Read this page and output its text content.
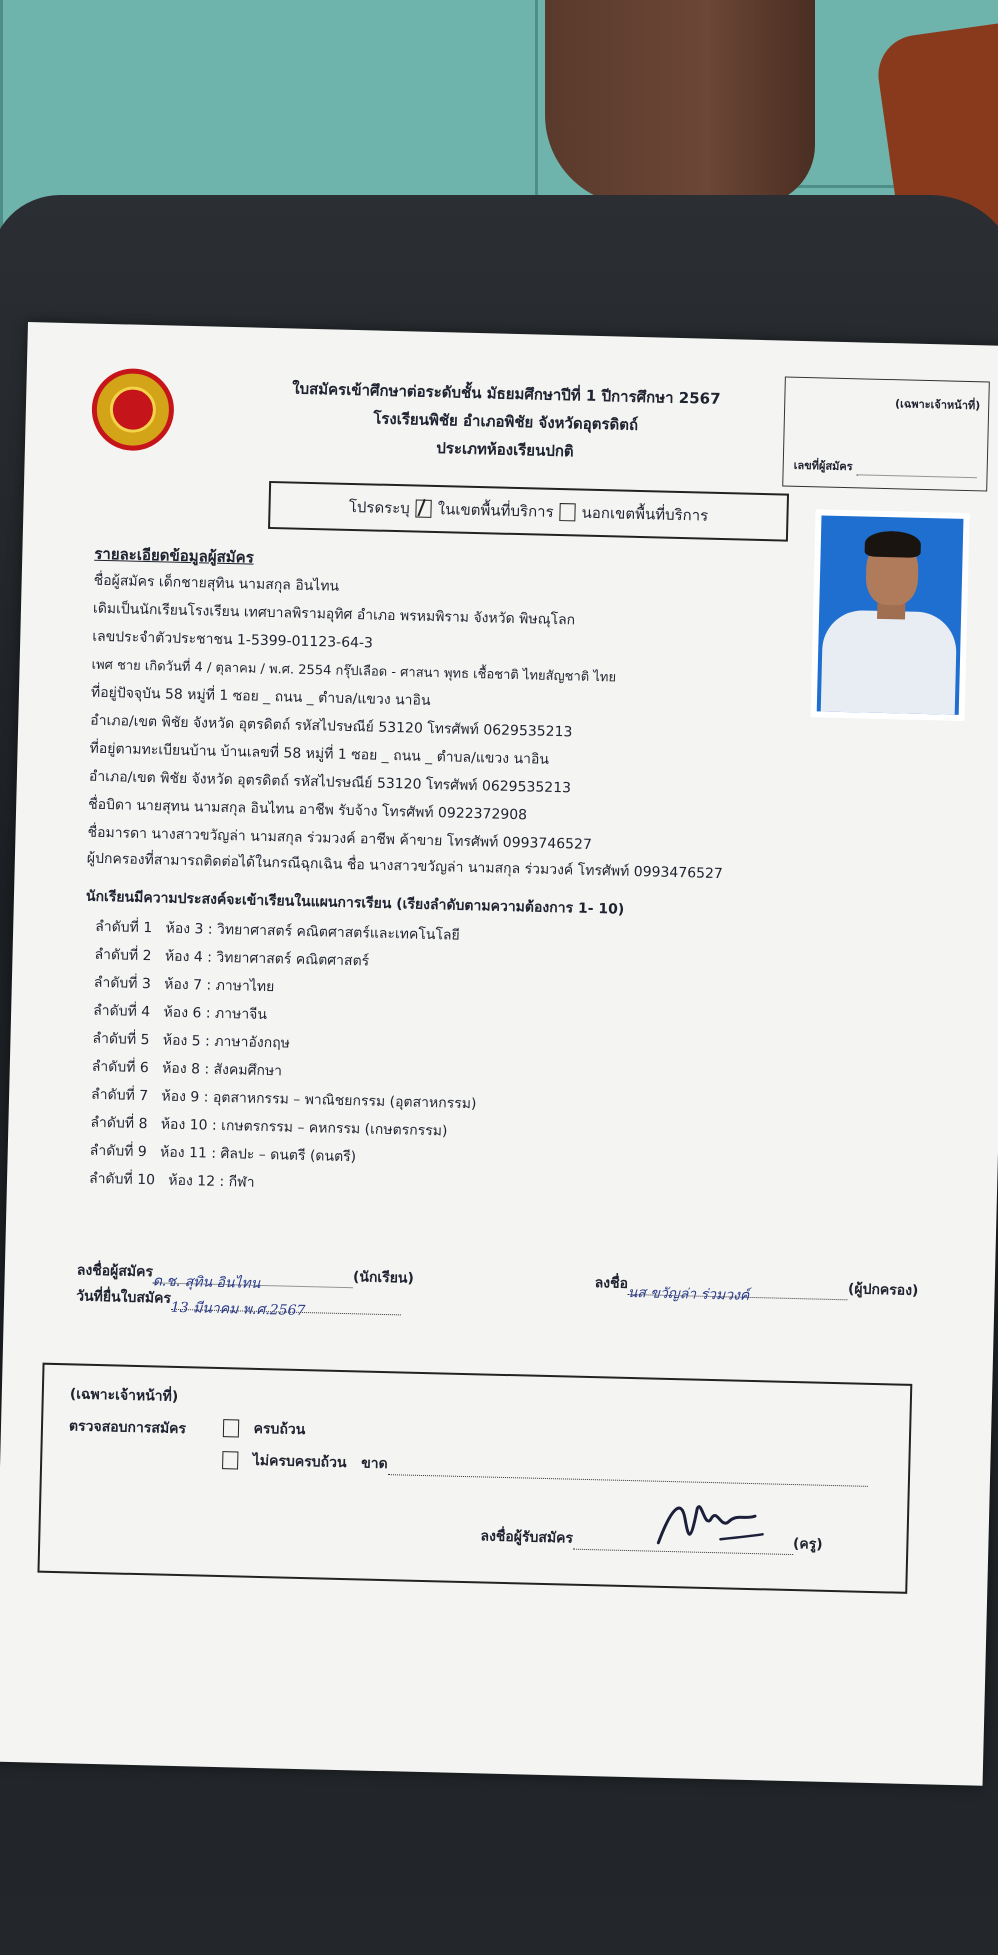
ใบสมัครเข้าศึกษาต่อระดับชั้น มัธยมศึกษาปีที่ 1 ปีการศึกษา 2567
โรงเรียนพิชัย อำเภอพิชัย จังหวัดอุตรดิตถ์
ประเภทห้องเรียนปกติ
(เฉพาะเจ้าหน้าที่)
เลขที่ผู้สมัคร
โปรดระบุ ในเขตพื้นที่บริการ นอกเขตพื้นที่บริการ
รายละเอียดข้อมูลผู้สมัคร
ชื่อผู้สมัคร เด็กชายสุทิน นามสกุล อินไทน
เดิมเป็นนักเรียนโรงเรียน เทศบาลพิรามอุทิศ อำเภอ พรหมพิราม จังหวัด พิษณุโลก
เลขประจำตัวประชาชน 1-5399-01123-64-3
เพศ ชาย เกิดวันที่ 4 / ตุลาคม / พ.ศ. 2554 กรุ๊ปเลือด - ศาสนา พุทธ เชื้อชาติ ไทยสัญชาติ ไทย
ที่อยู่ปัจจุบัน 58 หมู่ที่ 1 ซอย _ ถนน _ ตำบล/แขวง นาอิน
อำเภอ/เขต พิชัย จังหวัด อุตรดิตถ์ รหัสไปรษณีย์ 53120 โทรศัพท์ 0629535213
ที่อยู่ตามทะเบียนบ้าน บ้านเลขที่ 58 หมู่ที่ 1 ซอย _ ถนน _ ตำบล/แขวง นาอิน
อำเภอ/เขต พิชัย จังหวัด อุตรดิตถ์ รหัสไปรษณีย์ 53120 โทรศัพท์ 0629535213
ชื่อบิดา นายสุทน นามสกุล อินไทน อาชีพ รับจ้าง โทรศัพท์ 0922372908
ชื่อมารดา นางสาวขวัญล่า นามสกุล ร่วมวงค์ อาชีพ ค้าขาย โทรศัพท์ 0993746527
ผู้ปกครองที่สามารถติดต่อได้ในกรณีฉุกเฉิน ชื่อ นางสาวขวัญล่า นามสกุล ร่วมวงค์ โทรศัพท์ 0993476527
นักเรียนมีความประสงค์จะเข้าเรียนในแผนการเรียน (เรียงลำดับตามความต้องการ 1- 10)
ลำดับที่ 1 ห้อง 3 : วิทยาศาสตร์ คณิตศาสตร์และเทคโนโลยี
ลำดับที่ 2 ห้อง 4 : วิทยาศาสตร์ คณิตศาสตร์
ลำดับที่ 3 ห้อง 7 : ภาษาไทย
ลำดับที่ 4 ห้อง 6 : ภาษาจีน
ลำดับที่ 5 ห้อง 5 : ภาษาอังกฤษ
ลำดับที่ 6 ห้อง 8 : สังคมศึกษา
ลำดับที่ 7 ห้อง 9 : อุตสาหกรรม – พาณิชยกรรม (อุตสาหกรรม)
ลำดับที่ 8 ห้อง 10 : เกษตรกรรม – คหกรรม (เกษตรกรรม)
ลำดับที่ 9 ห้อง 11 : ศิลปะ – ดนตรี (ดนตรี)
ลำดับที่ 10 ห้อง 12 : กีฬา
ลงชื่อผู้สมัครด.ช. สุทิน อินไทน	(นักเรียน)
วันที่ยื่นใบสมัคร13 มีนาคม พ.ศ.2567
ลงชื่อนส ขวัญล่า ร่วมวงค์	(ผู้ปกครอง)
(เฉพาะเจ้าหน้าที่)
ตรวจสอบการสมัคร	ครบถ้วน
ไม่ครบครบถ้วน ขาด
ลงชื่อผู้รับสมัคร	(ครู)
